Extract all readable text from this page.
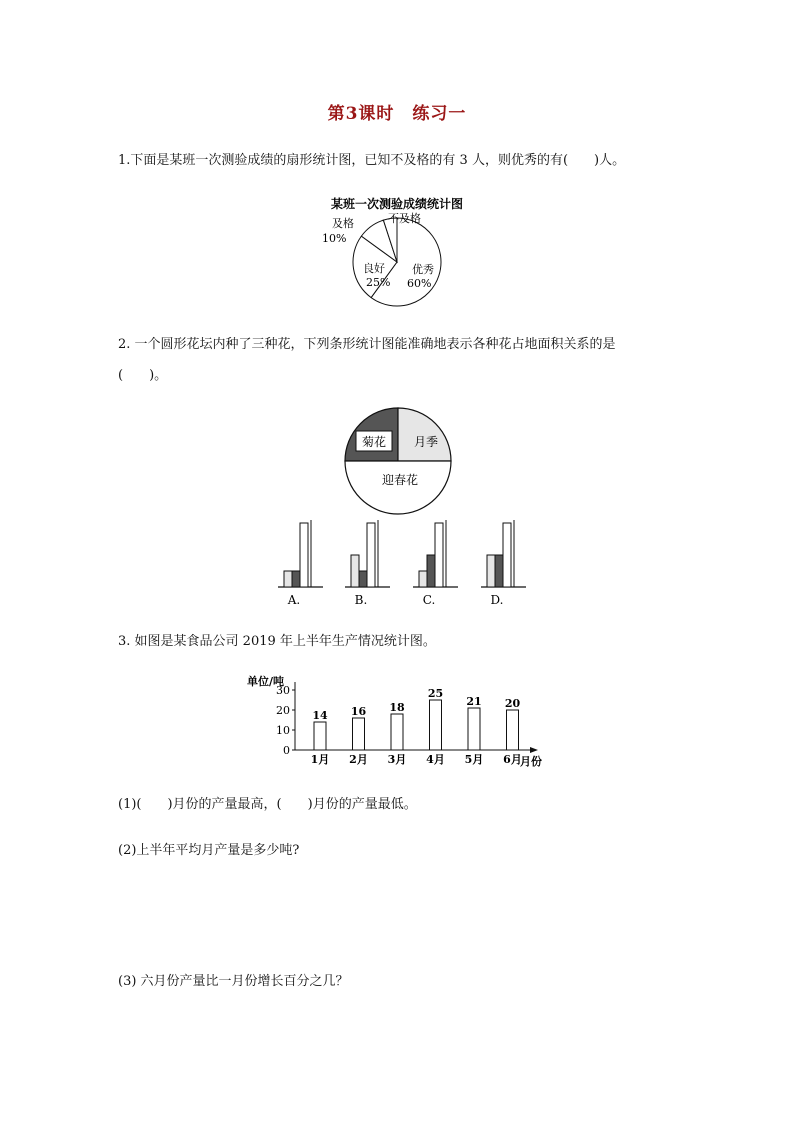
第3课时　练习一
1.下面是某班一次测验成绩的扇形统计图，已知不及格的有 3 人，则优秀的有(　　)人。
某班一次测验成绩统计图
及格
10%
不及格
良好
25%
优秀
60%
2. 一个圆形花坛内种了三种花，下列条形统计图能准确地表示各种花占地面积关系的是
(　　)。
菊花 月季
迎春花
A.	B.	C.	D.
3. 如图是某食品公司 2019 年上半年生产情况统计图。
单位/吨
月份
0
10
20
30
14
1月
16
2月
18
3月
25
4月
21
5月
20
6月
(1)(　　)月份的产量最高，(　　)月份的产量最低。
(2)上半年平均月产量是多少吨?
(3) 六月份产量比一月份增长百分之几？
